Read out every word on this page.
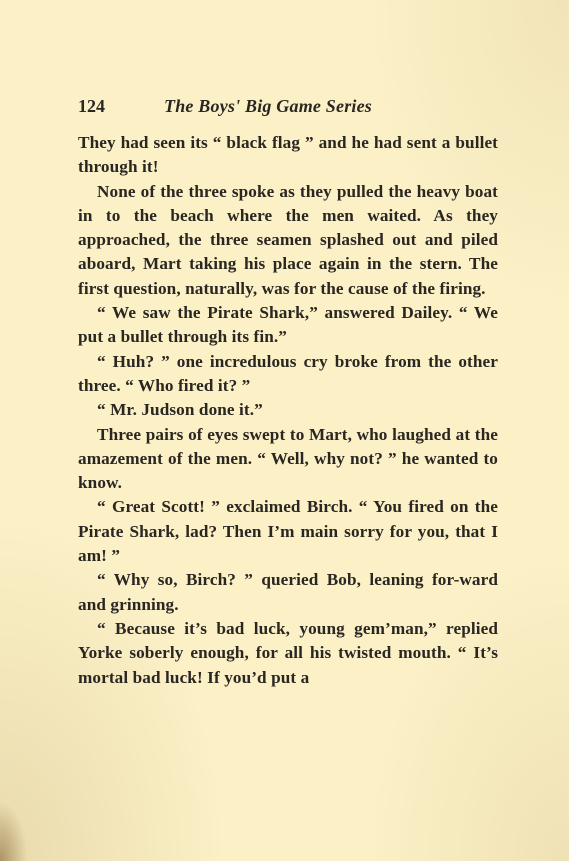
124	The Boys' Big Game Series

They had seen its “ black flag ” and he had sent a bullet through it!

None of the three spoke as they pulled the heavy boat in to the beach where the men waited. As they approached, the three seamen splashed out and piled aboard, Mart taking his place again in the stern. The first question, naturally, was for the cause of the firing.

“ We saw the Pirate Shark,” answered Dailey. “ We put a bullet through its fin.”

“ Huh? ” one incredulous cry broke from the other three. “ Who fired it? ”

“ Mr. Judson done it.”

Three pairs of eyes swept to Mart, who laughed at the amazement of the men. “ Well, why not? ” he wanted to know.

“ Great Scott! ” exclaimed Birch. “ You fired on the Pirate Shark, lad? Then I’m main sorry for you, that I am! ”

“ Why so, Birch? ” queried Bob, leaning for-ward and grinning.

“ Because it’s bad luck, young gem’man,” replied Yorke soberly enough, for all his twisted mouth. “ It’s mortal bad luck! If you’d put a
